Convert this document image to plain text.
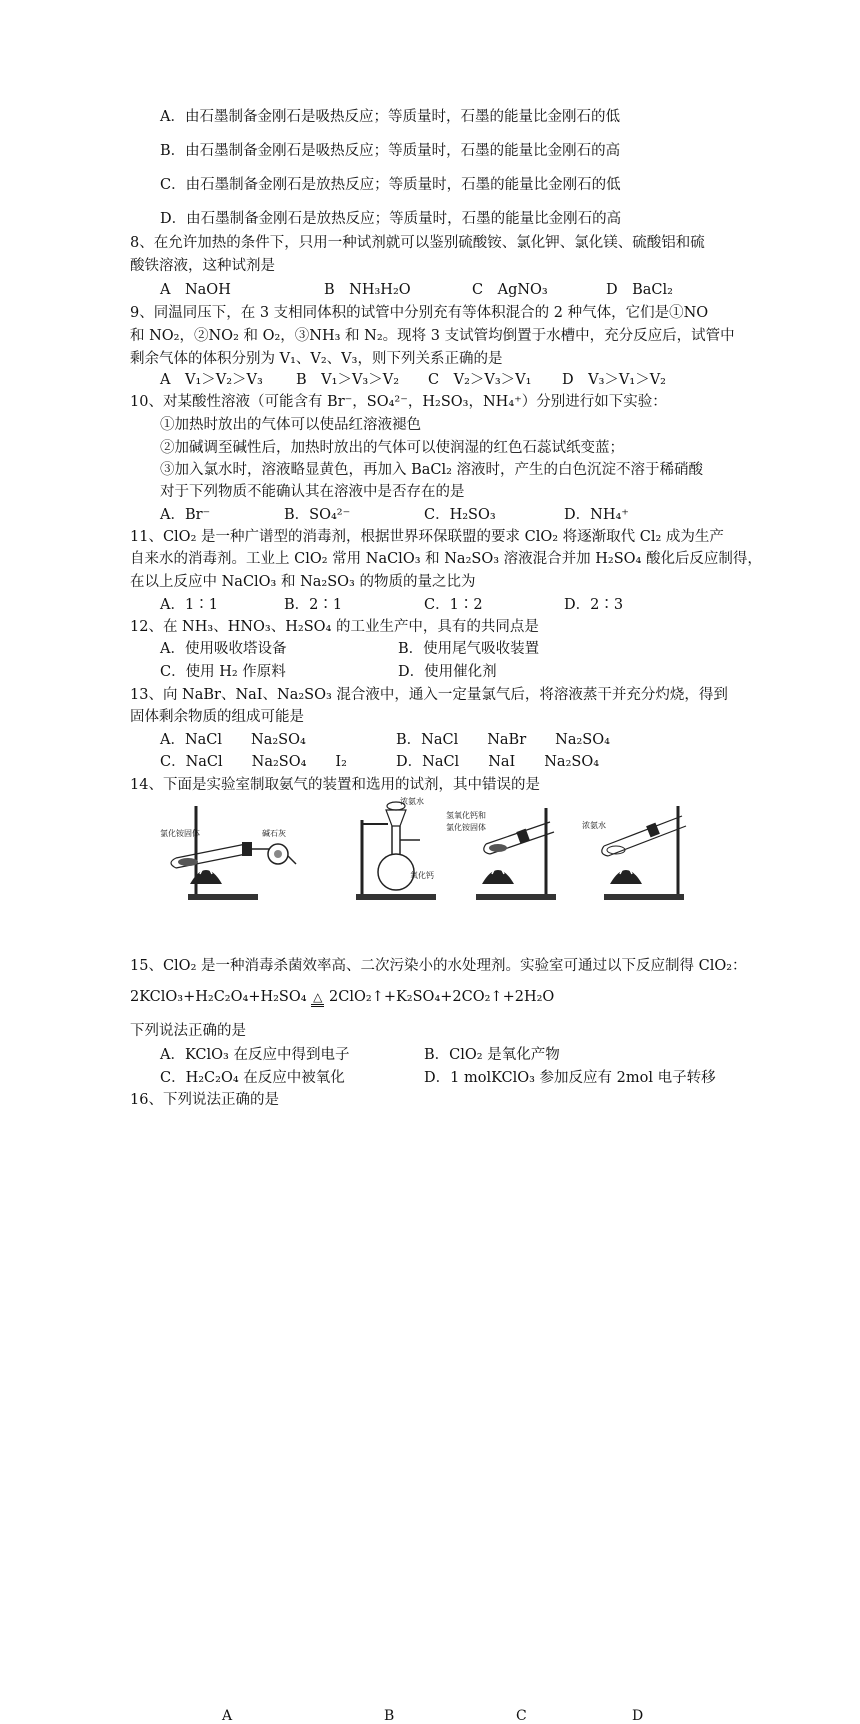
A．由石墨制备金刚石是吸热反应；等质量时，石墨的能量比金刚石的低
B．由石墨制备金刚石是吸热反应；等质量时，石墨的能量比金刚石的高
C．由石墨制备金刚石是放热反应；等质量时，石墨的能量比金刚石的低
D．由石墨制备金刚石是放热反应；等质量时，石墨的能量比金刚石的高
8、在允许加热的条件下，只用一种试剂就可以鉴别硫酸铵、氯化钾、氯化镁、硫酸铝和硫
酸铁溶液，这种试剂是
A　NaOH	B　NH₃H₂O	C　AgNO₃	D　BaCl₂
9、同温同压下，在 3 支相同体积的试管中分别充有等体积混合的 2 种气体，它们是①NO
和 NO₂，②NO₂ 和 O₂，③NH₃ 和 N₂。现将 3 支试管均倒置于水槽中，充分反应后，试管中
剩余气体的体积分别为 V₁、V₂、V₃，则下列关系正确的是
A　V₁＞V₂＞V₃ B　V₁＞V₃＞V₂ C　V₂＞V₃＞V₁ D　V₃＞V₁＞V₂
10、对某酸性溶液（可能含有 Br⁻，SO₄²⁻，H₂SO₃，NH₄⁺）分别进行如下实验：
①加热时放出的气体可以使品红溶液褪色
②加碱调至碱性后，加热时放出的气体可以使润湿的红色石蕊试纸变蓝；
③加入氯水时，溶液略显黄色，再加入 BaCl₂ 溶液时，产生的白色沉淀不溶于稀硝酸
对于下列物质不能确认其在溶液中是否存在的是
A．Br⁻	B．SO₄²⁻	C．H₂SO₃	D．NH₄⁺
11、ClO₂ 是一种广谱型的消毒剂，根据世界环保联盟的要求 ClO₂ 将逐渐取代 Cl₂ 成为生产
自来水的消毒剂。工业上 ClO₂ 常用 NaClO₃ 和 Na₂SO₃ 溶液混合并加 H₂SO₄ 酸化后反应制得，
在以上反应中 NaClO₃ 和 Na₂SO₃ 的物质的量之比为
A．1∶1	B．2∶1	C．1∶2	D．2∶3
12、在 NH₃、HNO₃、H₂SO₄ 的工业生产中，具有的共同点是
A．使用吸收塔设备	B．使用尾气吸收装置
C．使用 H₂ 作原料	D．使用催化剂
13、向 NaBr、NaI、Na₂SO₃ 混合液中，通入一定量氯气后，将溶液蒸干并充分灼烧，得到
固体剩余物质的组成可能是
A．NaCl　　Na₂SO₄	B．NaCl　　NaBr　　Na₂SO₄
C．NaCl　　Na₂SO₄　　I₂	D．NaCl　　NaI　　Na₂SO₄
14、下面是实验室制取氨气的装置和选用的试剂，其中错误的是
氯化铵固体	碱石灰
浓氨水
氧化钙
氢氧化钙和
氯化铵固体	浓氨水
A	B	C	D
15、ClO₂ 是一种消毒杀菌效率高、二次污染小的水处理剂。实验室可通过以下反应制得 ClO₂：
2KClO₃+H₂C₂O₄+H₂SO₄ △ 2ClO₂↑+K₂SO₄+2CO₂↑+2H₂O
下列说法正确的是
A．KClO₃ 在反应中得到电子	B．ClO₂ 是氧化产物
C．H₂C₂O₄ 在反应中被氧化	D．1 molKClO₃ 参加反应有 2mol 电子转移
16、下列说法正确的是
